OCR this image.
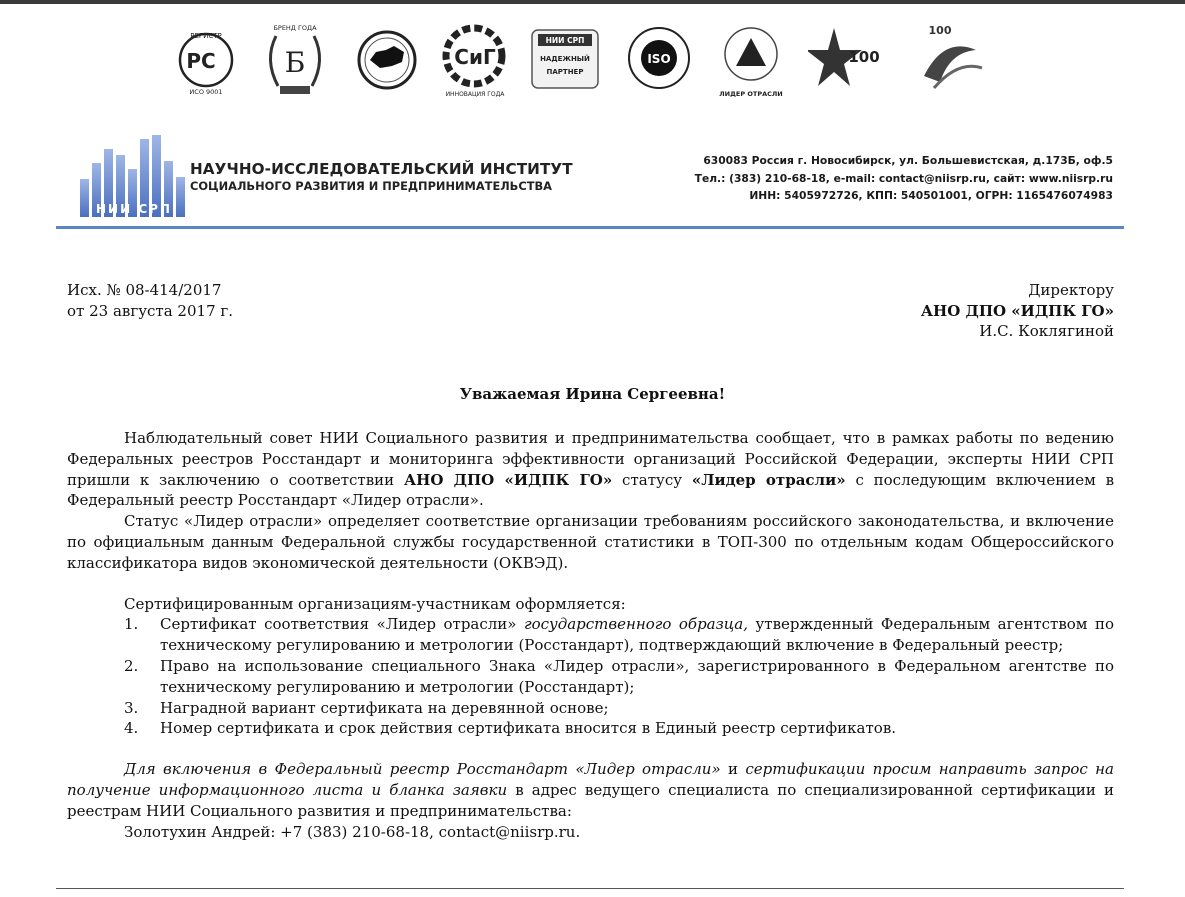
РЕГИСТР
РС
ИСО 9001
БРЕНД ГОДА
Б	СиГ
ИННОВАЦИЯ ГОДА
НИИ СРП
НАДЕЖНЫЙ
ПАРТНЕР
ISO
ЛИДЕР ОТРАСЛИ
100
100
НИИ СРП
НАУЧНО-ИССЛЕДОВАТЕЛЬСКИЙ ИНСТИТУТ
СОЦИАЛЬНОГО РАЗВИТИЯ И ПРЕДПРИНИМАТЕЛЬСТВА
630083 Россия г. Новосибирск, ул. Большевистская, д.173Б, оф.5
Тел.: (383) 210-68-18, e-mail: contact@niisrp.ru, сайт: www.niisrp.ru
ИНН: 5405972726, КПП: 540501001, ОГРН: 1165476074983
Исх. № 08-414/2017
от 23 августа 2017 г.
Директору
АНО ДПО «ИДПК ГО»
И.С. Коклягиной
Уважаемая Ирина Сергеевна!

Наблюдательный совет НИИ Социального развития и предпринимательства сообщает, что в рамках работы по ведению Федеральных реестров Росстандарт и мониторинга эффективности организаций Российской Федерации, эксперты НИИ СРП пришли к заключению о соответствии АНО ДПО «ИДПК ГО» статусу «Лидер отрасли» с последующим включением в Федеральный реестр Росстандарт «Лидер отрасли».

Статус «Лидер отрасли» определяет соответствие организации требованиям российского законодательства, и включение по официальным данным Федеральной службы государственной статистики в ТОП-300 по отдельным кодам Общероссийского классификатора видов экономической деятельности (ОКВЭД).

Сертифицированным организациям-участникам оформляется:

1. Сертификат соответствия «Лидер отрасли» государственного образца, утвержденный Федеральным агентством по техническому регулированию и метрологии (Росстандарт), подтверждающий включение в Федеральный реестр;
2. Право на использование специального Знака «Лидер отрасли», зарегистрированного в Федеральном агентстве по техническому регулированию и метрологии (Росстандарт);
3. Наградной вариант сертификата на деревянной основе;
4. Номер сертификата и срок действия сертификата вносится в Единый реестр сертификатов.

Для включения в Федеральный реестр Росстандарт «Лидер отрасли» и сертификации просим направить запрос на получение информационного листа и бланка заявки в адрес ведущего специалиста по специализированной сертификации и реестрам НИИ Социального развития и предпринимательства:

Золотухин Андрей: +7 (383) 210-68-18, contact@niisrp.ru.
